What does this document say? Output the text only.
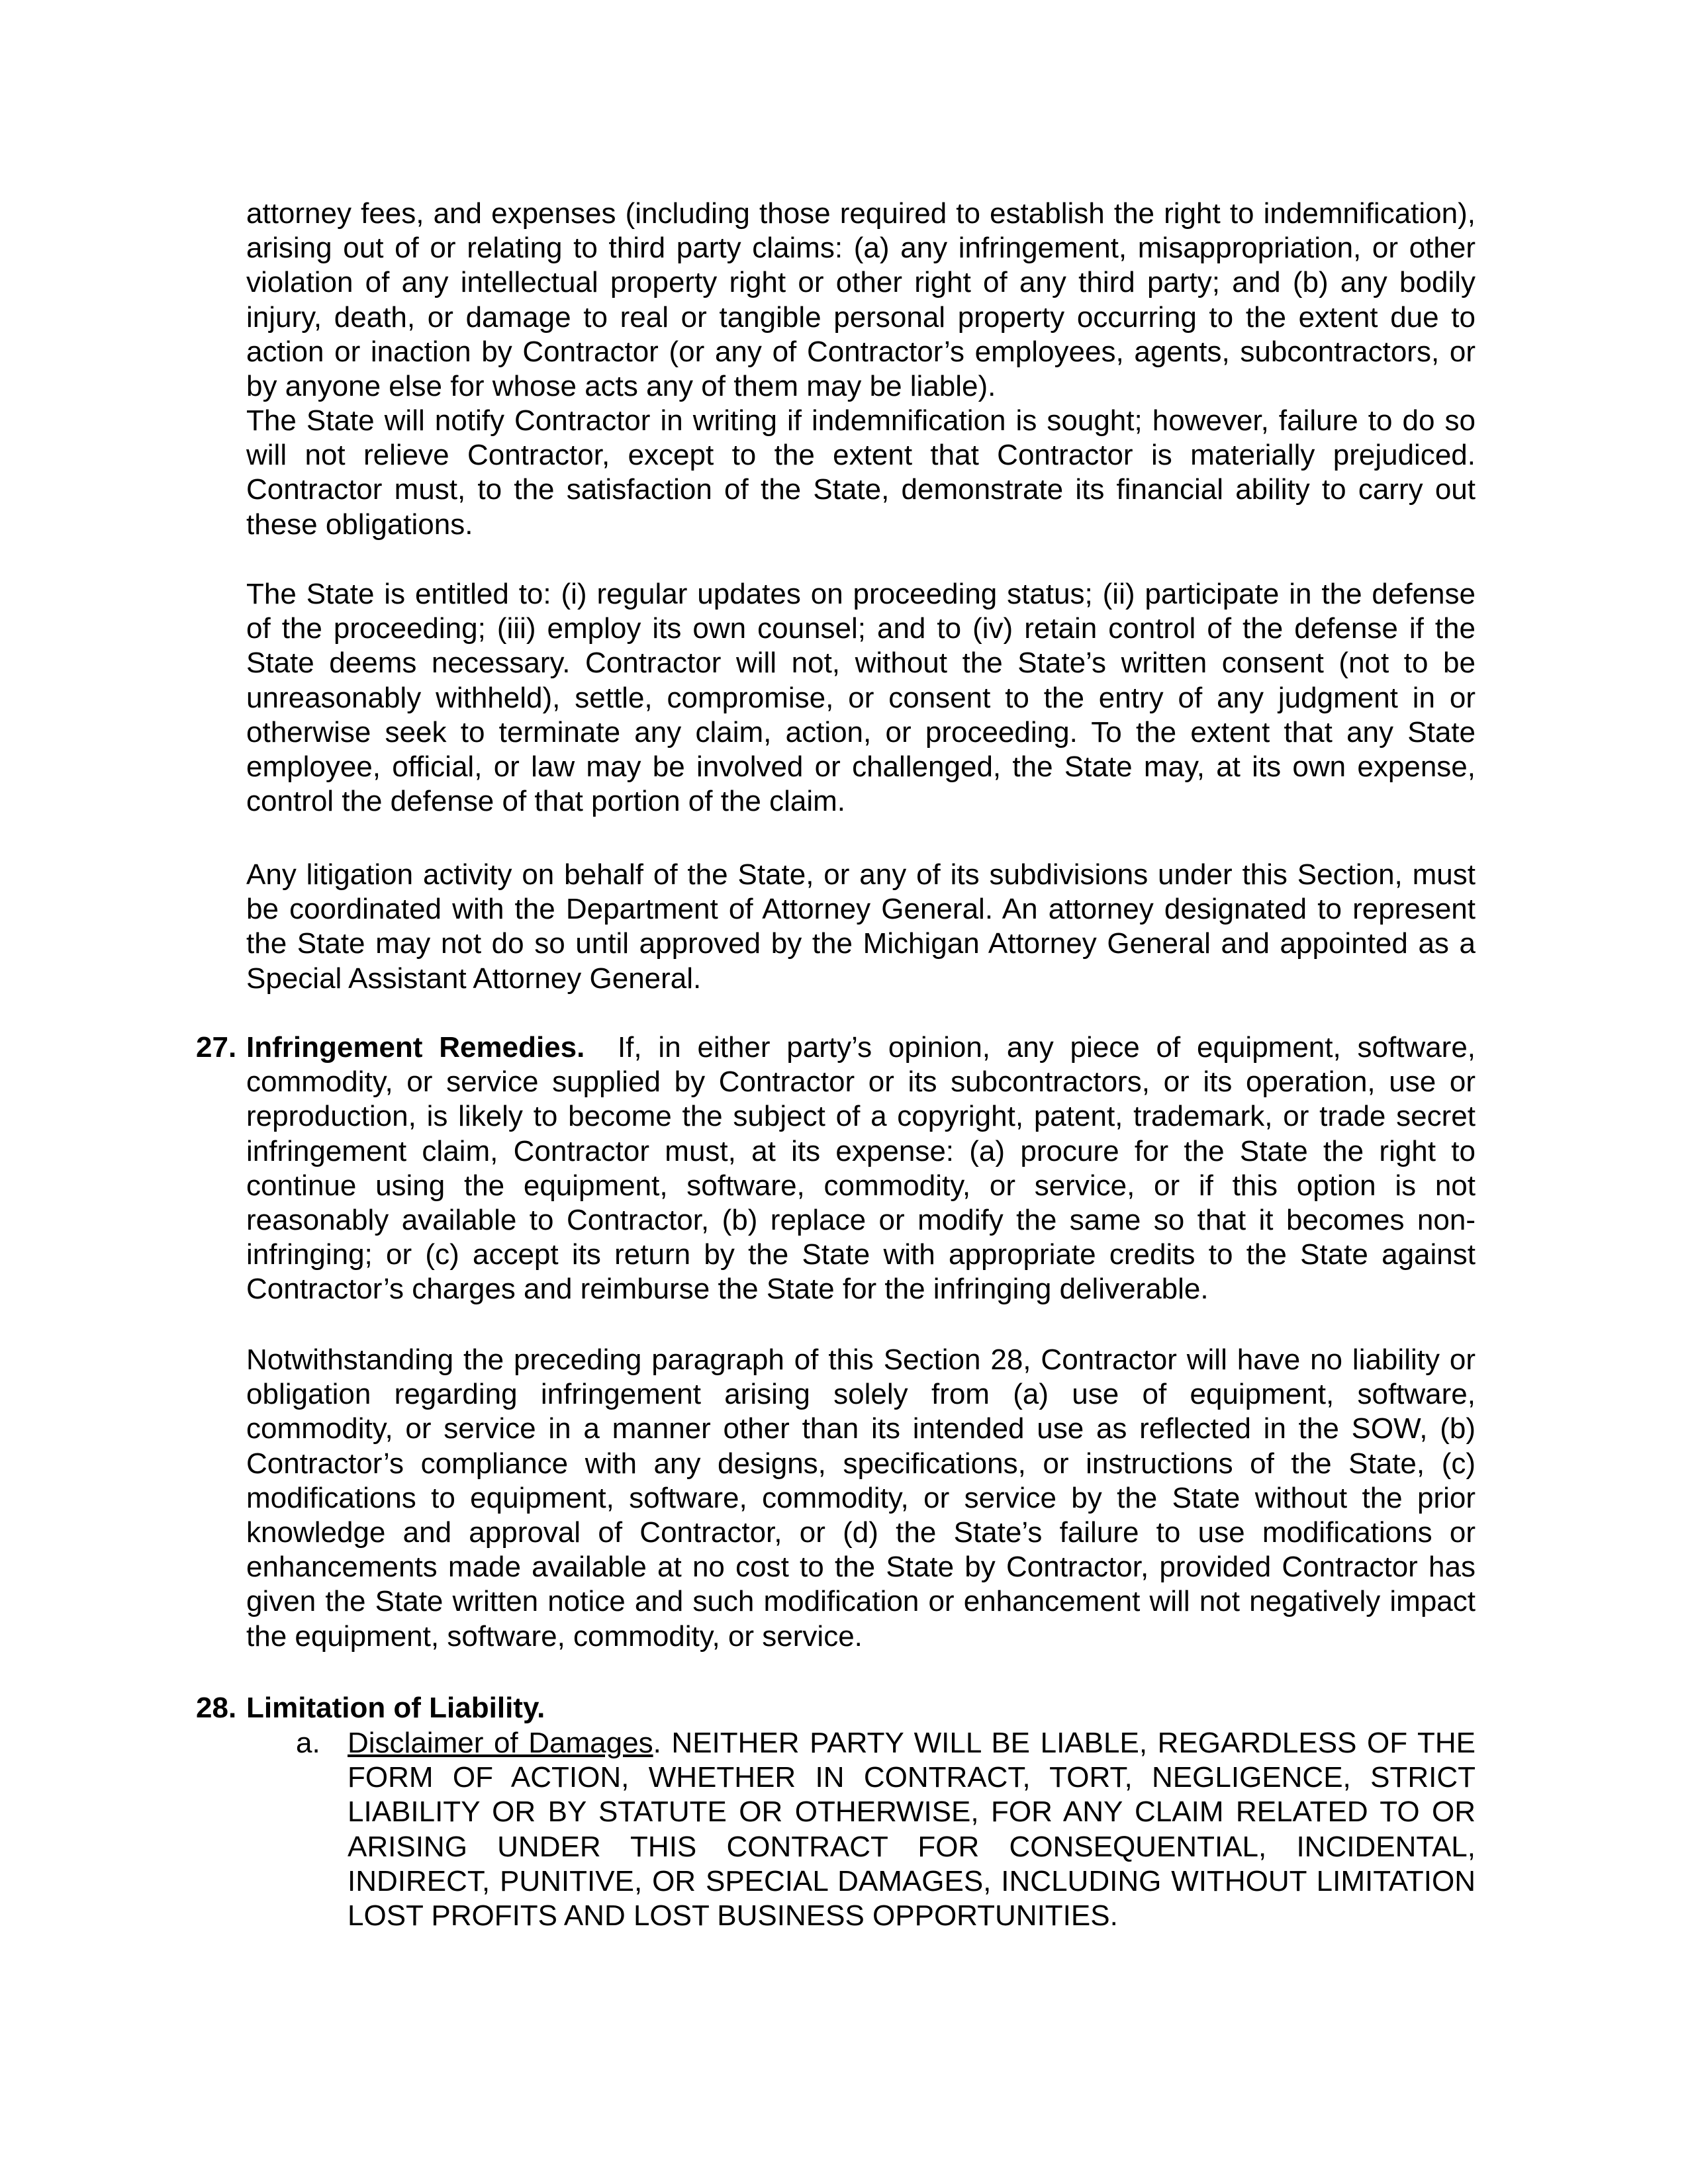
attorney fees, and expenses (including those required to establish the right to indemnification), arising out of or relating to third party claims: (a) any infringement, misappropriation, or other violation of any intellectual property right or other right of any third party; and (b) any bodily injury, death, or damage to real or tangible personal property occurring to the extent due to action or inaction by Contractor (or any of Contractor’s employees, agents, subcontractors, or by anyone else for whose acts any of them may be liable).

The State will notify Contractor in writing if indemnification is sought; however, failure to do so will not relieve Contractor, except to the extent that Contractor is materially prejudiced. Contractor must, to the satisfaction of the State, demonstrate its financial ability to carry out these obligations.

The State is entitled to: (i) regular updates on proceeding status; (ii) participate in the defense of the proceeding; (iii) employ its own counsel; and to (iv) retain control of the defense if the State deems necessary. Contractor will not, without the State’s written consent (not to be unreasonably withheld), settle, compromise, or consent to the entry of any judgment in or otherwise seek to terminate any claim, action, or proceeding. To the extent that any State employee, official, or law may be involved or challenged, the State may, at its own expense, control the defense of that portion of the claim.

Any litigation activity on behalf of the State, or any of its subdivisions under this Section, must be coordinated with the Department of Attorney General. An attorney designated to represent the State may not do so until approved by the Michigan Attorney General and appointed as a Special Assistant Attorney General.

27. Infringement Remedies. If, in either party’s opinion, any piece of equipment, software, commodity, or service supplied by Contractor or its subcontractors, or its operation, use or reproduction, is likely to become the subject of a copyright, patent, trademark, or trade secret infringement claim, Contractor must, at its expense: (a) procure for the State the right to continue using the equipment, software, commodity, or service, or if this option is not reasonably available to Contractor, (b) replace or modify the same so that it becomes non-infringing; or (c) accept its return by the State with appropriate credits to the State against Contractor’s charges and reimburse the State for the infringing deliverable.

Notwithstanding the preceding paragraph of this Section 28, Contractor will have no liability or obligation regarding infringement arising solely from (a) use of equipment, software, commodity, or service in a manner other than its intended use as reflected in the SOW, (b) Contractor’s compliance with any designs, specifications, or instructions of the State, (c) modifications to equipment, software, commodity, or service by the State without the prior knowledge and approval of Contractor, or (d) the State’s failure to use modifications or enhancements made available at no cost to the State by Contractor, provided Contractor has given the State written notice and such modification or enhancement will not negatively impact the equipment, software, commodity, or service.

28. Limitation of Liability.

a. Disclaimer of Damages. NEITHER PARTY WILL BE LIABLE, REGARDLESS OF THE FORM OF ACTION, WHETHER IN CONTRACT, TORT, NEGLIGENCE, STRICT LIABILITY OR BY STATUTE OR OTHERWISE, FOR ANY CLAIM RELATED TO OR ARISING UNDER THIS CONTRACT FOR CONSEQUENTIAL, INCIDENTAL, INDIRECT, PUNITIVE, OR SPECIAL DAMAGES, INCLUDING WITHOUT LIMITATION LOST PROFITS AND LOST BUSINESS OPPORTUNITIES.
